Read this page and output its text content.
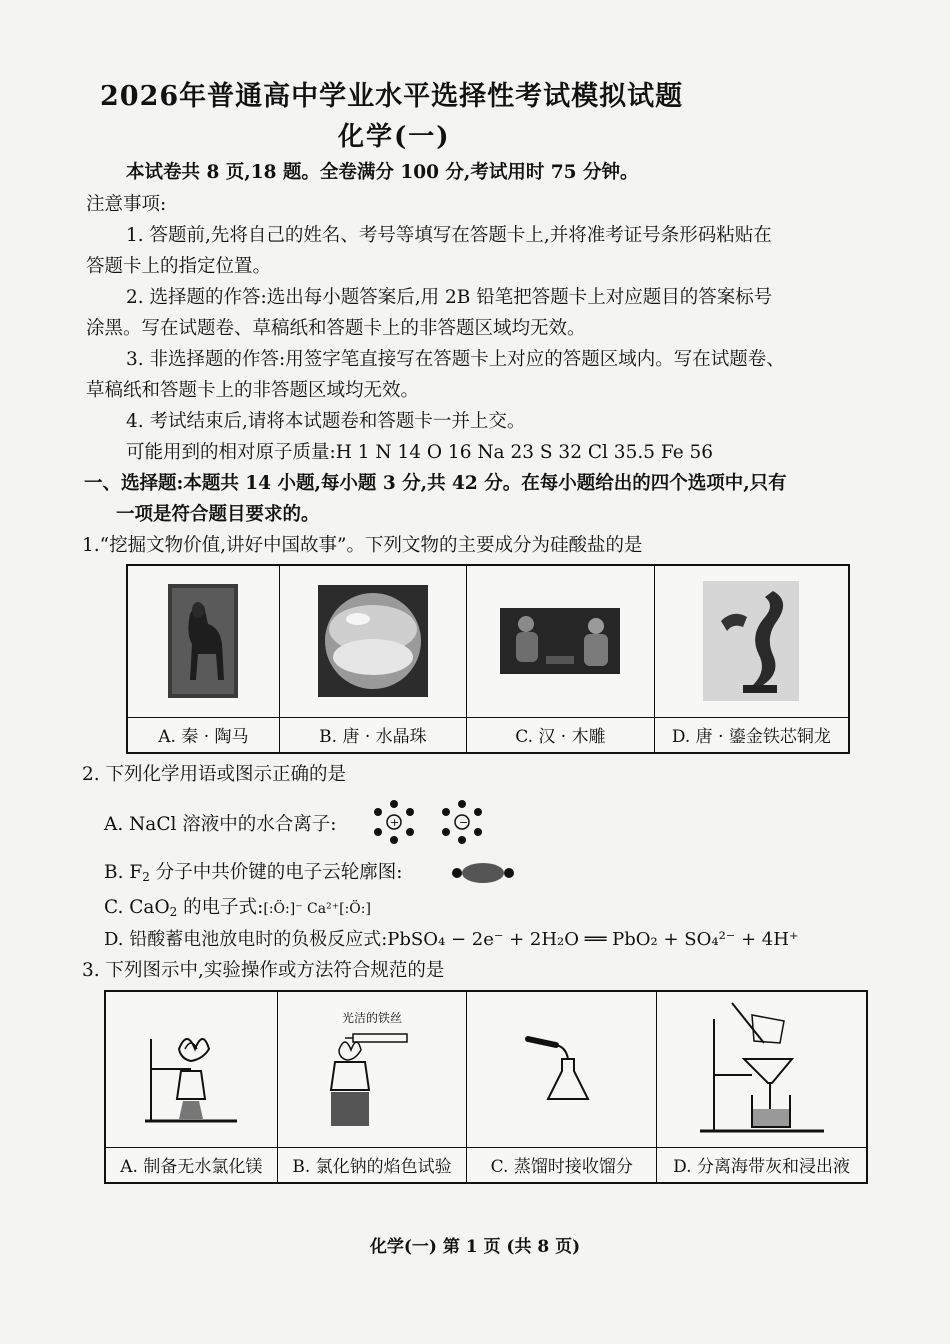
2026年普通高中学业水平选择性考试模拟试题
化学(一)
本试卷共 8 页,18 题。全卷满分 100 分,考试用时 75 分钟。
注意事项:
1. 答题前,先将自己的姓名、考号等填写在答题卡上,并将准考证号条形码粘贴在
答题卡上的指定位置。
2. 选择题的作答:选出每小题答案后,用 2B 铅笔把答题卡上对应题目的答案标号
涂黑。写在试题卷、草稿纸和答题卡上的非答题区域均无效。
3. 非选择题的作答:用签字笔直接写在答题卡上对应的答题区域内。写在试题卷、
草稿纸和答题卡上的非答题区域均无效。
4. 考试结束后,请将本试题卷和答题卡一并上交。
可能用到的相对原子质量:H 1 N 14 O 16 Na 23 S 32 Cl 35.5 Fe 56
一、选择题:本题共 14 小题,每小题 3 分,共 42 分。在每小题给出的四个选项中,只有
一项是符合题目要求的。
1.“挖掘文物价值,讲好中国故事”。下列文物的主要成分为硅酸盐的是

A. 秦 · 陶马	B. 唐 · 水晶珠	C. 汉 · 木雕	D. 唐 · 鎏金铁芯铜龙
2. 下列化学用语或图示正确的是
A. NaCl 溶液中的水合离子:	+	−
B. $F_2$ 分子中共价键的电子云轮廓图:
C. CaO$_2$ 的电子式:[:Ö:]⁻ Ca²⁺[:Ö:]
D. 铅酸蓄电池放电时的负极反应式:PbSO₄ − 2e⁻ + 2H₂O ══ PbO₂ + SO₄²⁻ + 4H⁺
3. 下列图示中,实验操作或方法符合规范的是

光洁的铁丝

A. 制备无水氯化镁	B. 氯化钠的焰色试验	C. 蒸馏时接收馏分	D. 分离海带灰和浸出液
化学(一) 第 1 页 (共 8 页)
